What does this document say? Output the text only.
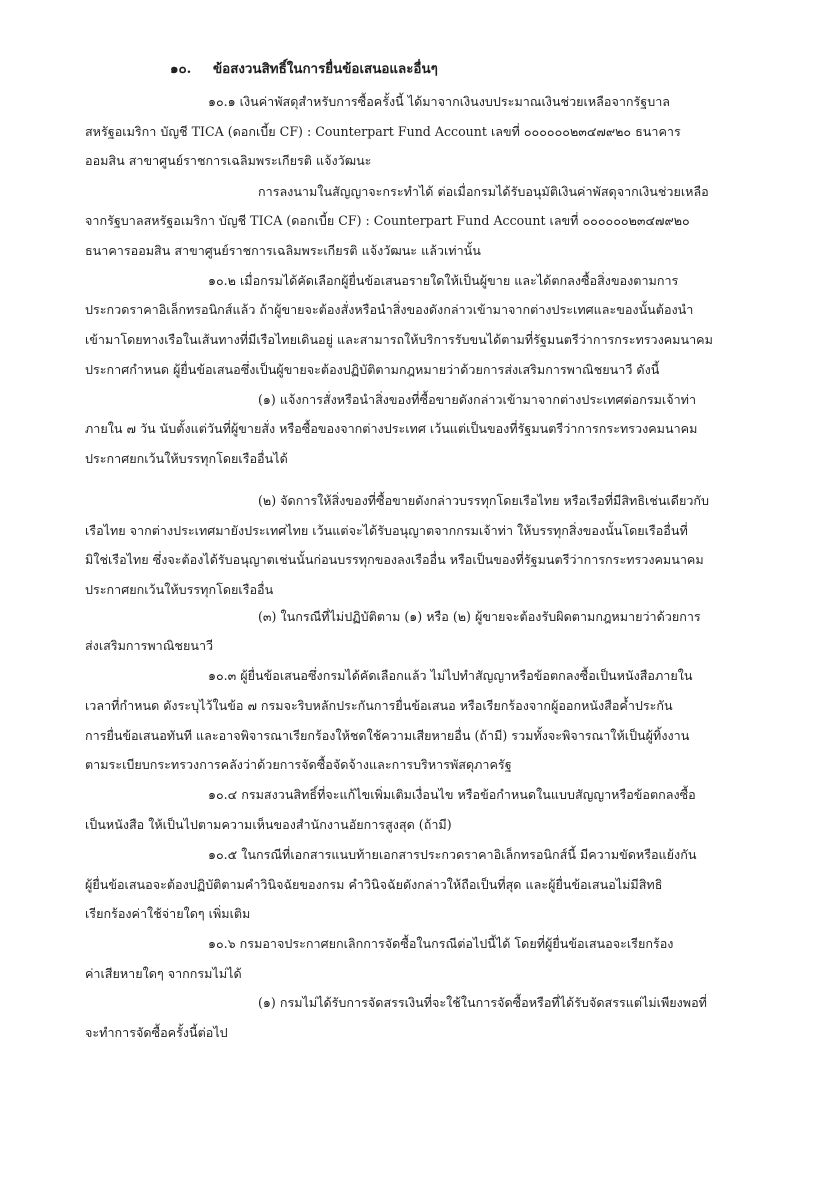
๑๐. ข้อสงวนสิทธิ์ในการยื่นข้อเสนอและอื่นๆ
๑๐.๑ เงินค่าพัสดุสำหรับการซื้อครั้งนี้ ได้มาจากเงินงบประมาณเงินช่วยเหลือจากรัฐบาล
สหรัฐอเมริกา บัญชี TICA (ดอกเบี้ย CF) : Counterpart Fund Account เลขที่ ๐๐๐๐๐๐๒๓๔๗๙๒๐ ธนาคาร
ออมสิน สาขาศูนย์ราชการเฉลิมพระเกียรติ แจ้งวัฒนะ
การลงนามในสัญญาจะกระทำได้ ต่อเมื่อกรมได้รับอนุมัติเงินค่าพัสดุจากเงินช่วยเหลือ
จากรัฐบาลสหรัฐอเมริกา บัญชี TICA (ดอกเบี้ย CF) : Counterpart Fund Account เลขที่ ๐๐๐๐๐๐๒๓๔๗๙๒๐
ธนาคารออมสิน สาขาศูนย์ราชการเฉลิมพระเกียรติ แจ้งวัฒนะ แล้วเท่านั้น
๑๐.๒ เมื่อกรมได้คัดเลือกผู้ยื่นข้อเสนอรายใดให้เป็นผู้ขาย และได้ตกลงซื้อสิ่งของตามการ
ประกวดราคาอิเล็กทรอนิกส์แล้ว ถ้าผู้ขายจะต้องสั่งหรือนำสิ่งของดังกล่าวเข้ามาจากต่างประเทศและของนั้นต้องนำ
เข้ามาโดยทางเรือในเส้นทางที่มีเรือไทยเดินอยู่ และสามารถให้บริการรับขนได้ตามที่รัฐมนตรีว่าการกระทรวงคมนาคม
ประกาศกำหนด ผู้ยื่นข้อเสนอซึ่งเป็นผู้ขายจะต้องปฏิบัติตามกฎหมายว่าด้วยการส่งเสริมการพาณิชยนาวี ดังนี้
(๑) แจ้งการสั่งหรือนำสิ่งของที่ซื้อขายดังกล่าวเข้ามาจากต่างประเทศต่อกรมเจ้าท่า
ภายใน ๗ วัน นับตั้งแต่วันที่ผู้ขายสั่ง หรือซื้อของจากต่างประเทศ เว้นแต่เป็นของที่รัฐมนตรีว่าการกระทรวงคมนาคม
ประกาศยกเว้นให้บรรทุกโดยเรืออื่นได้
(๒) จัดการให้สิ่งของที่ซื้อขายดังกล่าวบรรทุกโดยเรือไทย หรือเรือที่มีสิทธิเช่นเดียวกับ
เรือไทย จากต่างประเทศมายังประเทศไทย เว้นแต่จะได้รับอนุญาตจากกรมเจ้าท่า ให้บรรทุกสิ่งของนั้นโดยเรืออื่นที่
มิใช่เรือไทย ซึ่งจะต้องได้รับอนุญาตเช่นนั้นก่อนบรรทุกของลงเรืออื่น หรือเป็นของที่รัฐมนตรีว่าการกระทรวงคมนาคม
ประกาศยกเว้นให้บรรทุกโดยเรืออื่น
(๓) ในกรณีที่ไม่ปฏิบัติตาม (๑) หรือ (๒) ผู้ขายจะต้องรับผิดตามกฎหมายว่าด้วยการ
ส่งเสริมการพาณิชยนาวี
๑๐.๓ ผู้ยื่นข้อเสนอซึ่งกรมได้คัดเลือกแล้ว ไม่ไปทำสัญญาหรือข้อตกลงซื้อเป็นหนังสือภายใน
เวลาที่กำหนด ดังระบุไว้ในข้อ ๗ กรมจะริบหลักประกันการยื่นข้อเสนอ หรือเรียกร้องจากผู้ออกหนังสือค้ำประกัน
การยื่นข้อเสนอทันที และอาจพิจารณาเรียกร้องให้ชดใช้ความเสียหายอื่น (ถ้ามี) รวมทั้งจะพิจารณาให้เป็นผู้ทิ้งงาน
ตามระเบียบกระทรวงการคลังว่าด้วยการจัดซื้อจัดจ้างและการบริหารพัสดุภาครัฐ
๑๐.๔ กรมสงวนสิทธิ์ที่จะแก้ไขเพิ่มเติมเงื่อนไข หรือข้อกำหนดในแบบสัญญาหรือข้อตกลงซื้อ
เป็นหนังสือ ให้เป็นไปตามความเห็นของสำนักงานอัยการสูงสุด (ถ้ามี)
๑๐.๕ ในกรณีที่เอกสารแนบท้ายเอกสารประกวดราคาอิเล็กทรอนิกส์นี้ มีความขัดหรือแย้งกัน
ผู้ยื่นข้อเสนอจะต้องปฏิบัติตามคำวินิจฉัยของกรม คำวินิจฉัยดังกล่าวให้ถือเป็นที่สุด และผู้ยื่นข้อเสนอไม่มีสิทธิ
เรียกร้องค่าใช้จ่ายใดๆ เพิ่มเติม
๑๐.๖ กรมอาจประกาศยกเลิกการจัดซื้อในกรณีต่อไปนี้ได้ โดยที่ผู้ยื่นข้อเสนอจะเรียกร้อง
ค่าเสียหายใดๆ จากกรมไม่ได้
(๑) กรมไม่ได้รับการจัดสรรเงินที่จะใช้ในการจัดซื้อหรือที่ได้รับจัดสรรแต่ไม่เพียงพอที่
จะทำการจัดซื้อครั้งนี้ต่อไป
